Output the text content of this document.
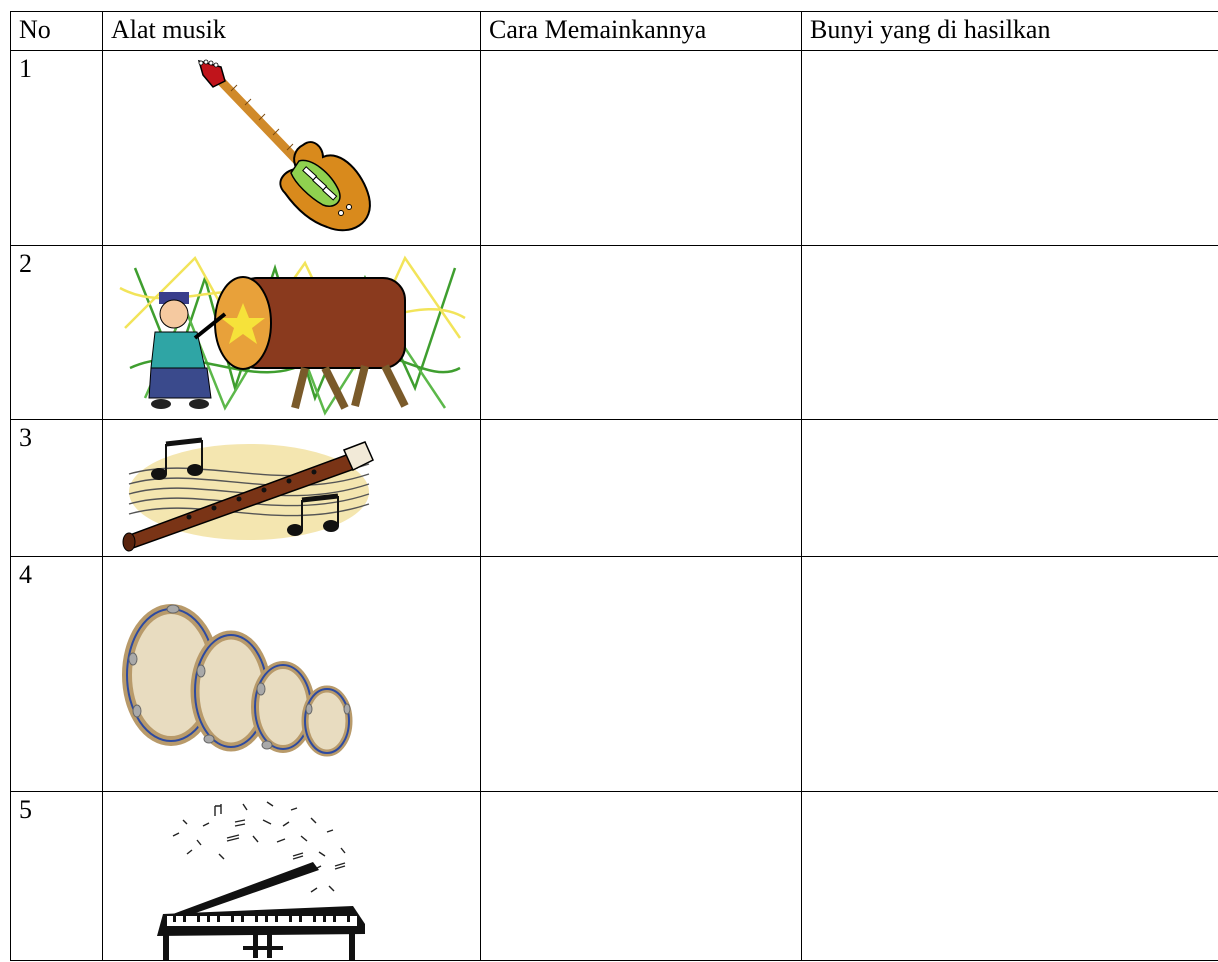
No	Alat musik	Cara Memainkannya	Bunyi yang di hasilkan

1

2

3

4

5
